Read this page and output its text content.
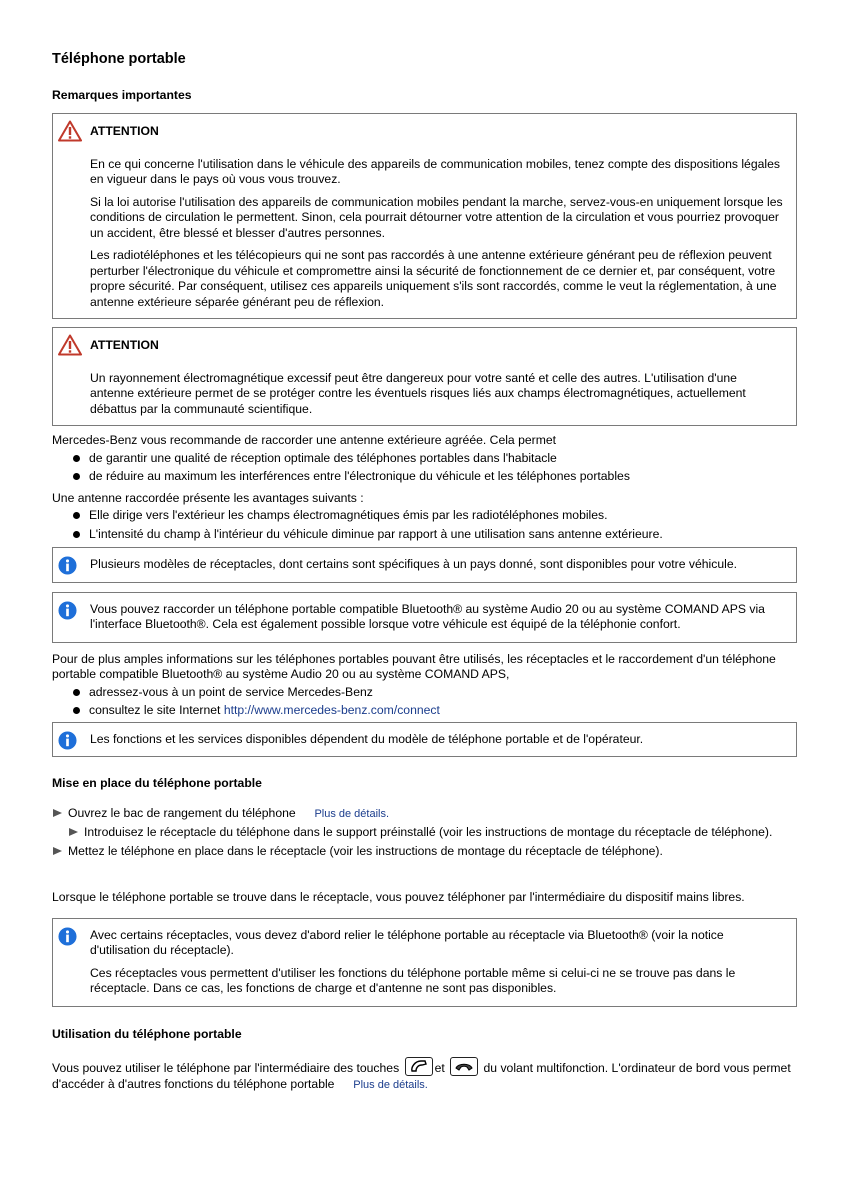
Téléphone portable
Remarques importantes

ATTENTION

En ce qui concerne l'utilisation dans le véhicule des appareils de communication mobiles, tenez compte des dispositions légales en vigueur dans le pays où vous vous trouvez.

Si la loi autorise l'utilisation des appareils de communication mobiles pendant la marche, servez-vous-en uniquement lorsque les conditions de circulation le permettent. Sinon, cela pourrait détourner votre attention de la circulation et vous pourriez provoquer un accident, être blessé et blesser d'autres personnes.

Les radiotéléphones et les télécopieurs qui ne sont pas raccordés à une antenne extérieure générant peu de réflexion peuvent perturber l'électronique du véhicule et compromettre ainsi la sécurité de fonctionnement de ce dernier et, par conséquent, votre propre sécurité. Par conséquent, utilisez ces appareils uniquement s'ils sont raccordés, comme le veut la réglementation, à une antenne extérieure séparée générant peu de réflexion.

ATTENTION

Un rayonnement électromagnétique excessif peut être dangereux pour votre santé et celle des autres. L'utilisation d'une antenne extérieure permet de se protéger contre les éventuels risques liés aux champs électromagnétiques, actuellement débattus par la communauté scientifique.

Mercedes-Benz vous recommande de raccorder une antenne extérieure agréée. Cela permet

de garantir une qualité de réception optimale des téléphones portables dans l'habitacle
de réduire au maximum les interférences entre l'électronique du véhicule et les téléphones portables

Une antenne raccordée présente les avantages suivants :

Elle dirige vers l'extérieur les champs électromagnétiques émis par les radiotéléphones mobiles.
L'intensité du champ à l'intérieur du véhicule diminue par rapport à une utilisation sans antenne extérieure.

Plusieurs modèles de réceptacles, dont certains sont spécifiques à un pays donné, sont disponibles pour votre véhicule.

Vous pouvez raccorder un téléphone portable compatible Bluetooth® au système Audio 20 ou au système COMAND APS via l'interface Bluetooth®. Cela est également possible lorsque votre véhicule est équipé de la téléphonie confort.

Pour de plus amples informations sur les téléphones portables pouvant être utilisés, les réceptacles et le raccordement d'un téléphone portable compatible Bluetooth® au système Audio 20 ou au système COMAND APS,

adressez-vous à un point de service Mercedes-Benz
consultez le site Internet http://www.mercedes-benz.com/connect

Les fonctions et les services disponibles dépendent du modèle de téléphone portable et de l'opérateur.

Mise en place du téléphone portable
Ouvrez le bac de rangement du téléphone Plus de détails.
Introduisez le réceptacle du téléphone dans le support préinstallé (voir les instructions de montage du réceptacle de téléphone).
Mettez le téléphone en place dans le réceptacle (voir les instructions de montage du réceptacle de téléphone).

Lorsque le téléphone portable se trouve dans le réceptacle, vous pouvez téléphoner par l'intermédiaire du dispositif mains libres.

Avec certains réceptacles, vous devez d'abord relier le téléphone portable au réceptacle via Bluetooth® (voir la notice d'utilisation du réceptacle).

Ces réceptacles vous permettent d'utiliser les fonctions du téléphone portable même si celui-ci ne se trouve pas dans le réceptacle. Dans ce cas, les fonctions de charge et d'antenne ne sont pas disponibles.

Utilisation du téléphone portable

Vous pouvez utiliser le téléphone par l'intermédiaire des touches	et	du volant multifonction. L'ordinateur de bord vous permet d'accéder à d'autres fonctions du téléphone portable Plus de détails.
